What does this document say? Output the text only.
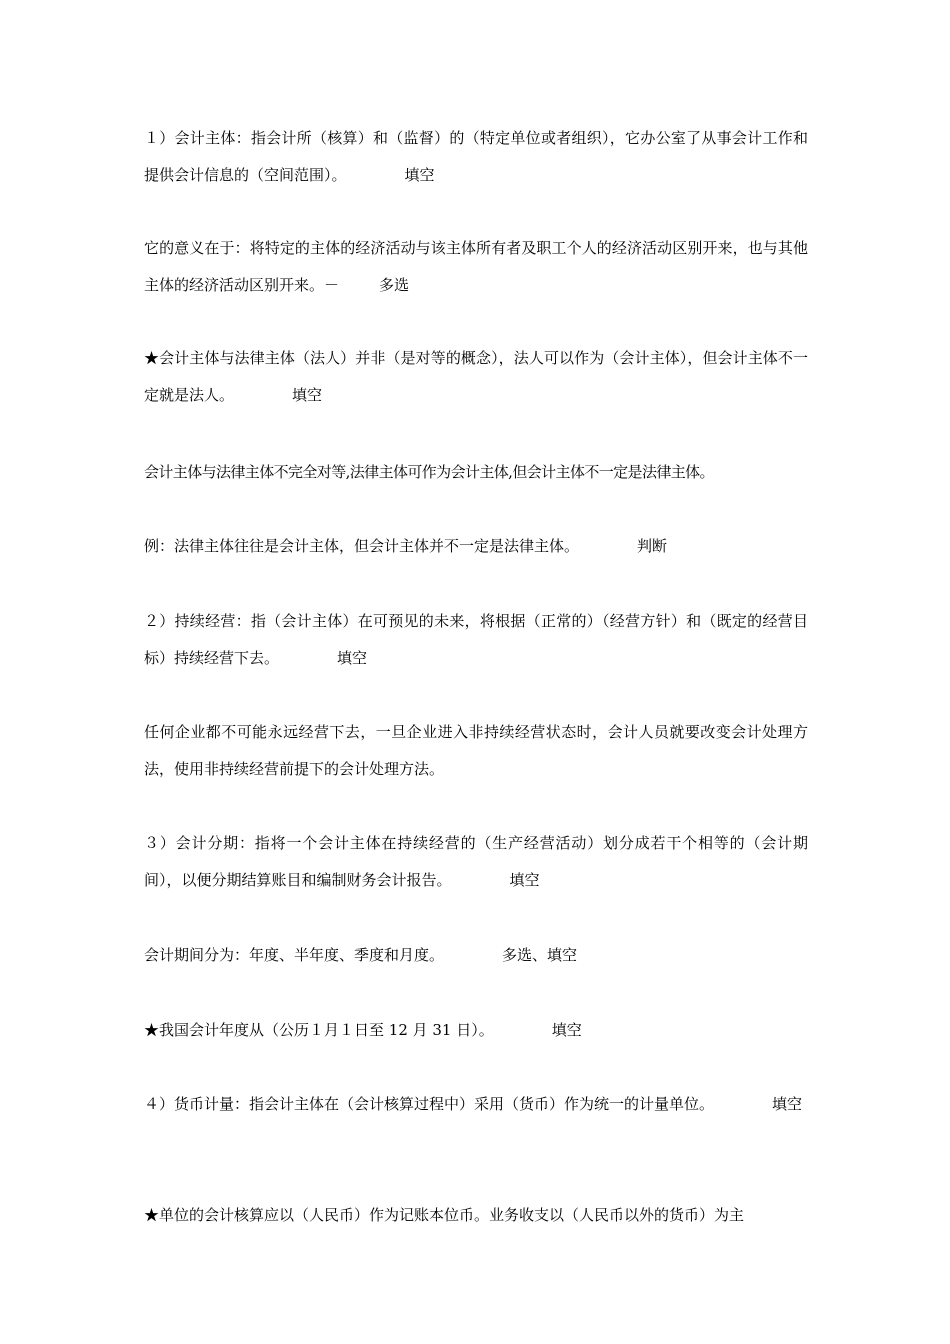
１）会计主体：指会计所（核算）和（监督）的（特定单位或者组织），它办公室了从事会计工作和提供会计信息的（空间范围）。	填空

它的意义在于：将特定的主体的经济活动与该主体所有者及职工个人的经济活动区别开来，也与其他主体的经济活动区别开来。－	多选

★会计主体与法律主体（法人）并非（是对等的概念），法人可以作为（会计主体），但会计主体不一定就是法人。	填空

会计主体与法律主体不完全对等,法律主体可作为会计主体,但会计主体不一定是法律主体。

例：法律主体往往是会计主体，但会计主体并不一定是法律主体。	判断

２）持续经营：指（会计主体）在可预见的未来，将根据（正常的）（经营方针）和（既定的经营目标）持续经营下去。	填空

任何企业都不可能永远经营下去，一旦企业进入非持续经营状态时，会计人员就要改变会计处理方法，使用非持续经营前提下的会计处理方法。

３）会计分期：指将一个会计主体在持续经营的（生产经营活动）划分成若干个相等的（会计期间），以便分期结算账目和编制财务会计报告。	填空

会计期间分为：年度、半年度、季度和月度。	多选、填空

★我国会计年度从（公历１月１日至 12 月 31 日）。	填空

４）货币计量：指会计主体在（会计核算过程中）采用（货币）作为统一的计量单位。	填空

★单位的会计核算应以（人民币）作为记账本位币。业务收支以（人民币以外的货币）为主
